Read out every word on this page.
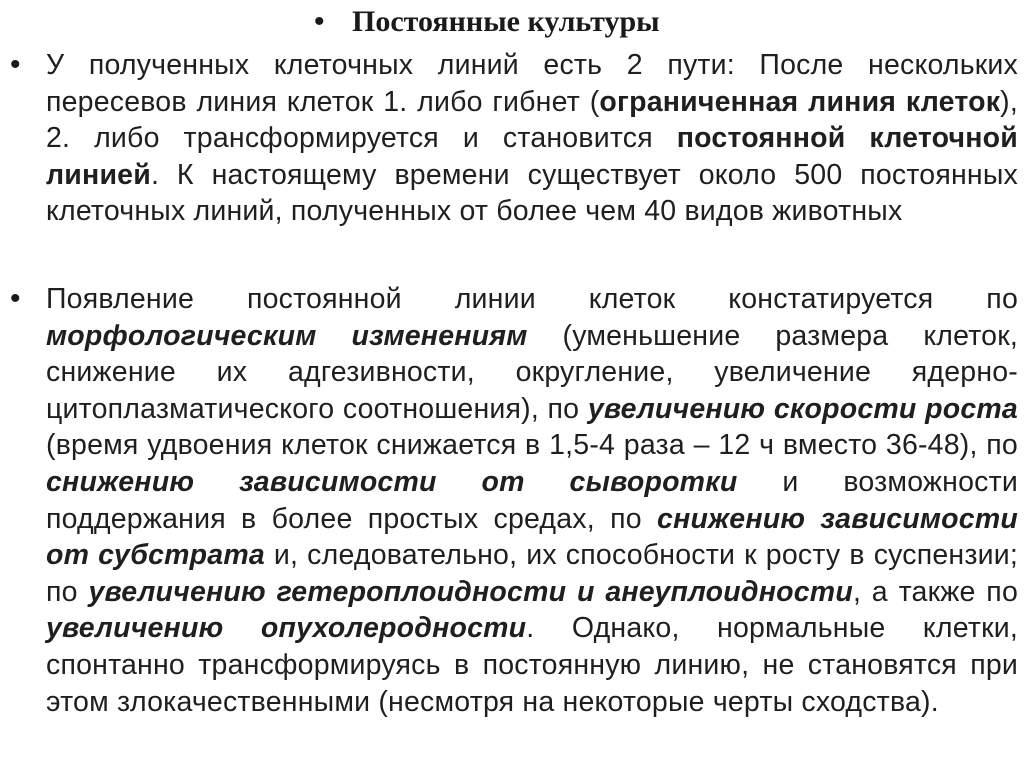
• Постоянные культуры
• У полученных клеточных линий есть 2 пути: После нескольких пересевов линия клеток 1. либо гибнет (ограниченная линия клеток), 2. либо трансформируется и становится постоянной клеточной линией. К настоящему времени существует около 500 постоянных клеточных линий, полученных от более чем 40 видов животных
• Появление постоянной линии клеток констатируется по морфологическим изменениям (уменьшение размера клеток, снижение их адгезивности, округление, увеличение ядерно-цитоплазматического соотношения), по увеличению скорости роста (время удвоения клеток снижается в 1,5-4 раза – 12 ч вместо 36-48), по снижению зависимости от сыворотки и возможности поддержания в более простых средах, по снижению зависимости от субстрата и, следовательно, их способности к росту в суспензии; по увеличению гетероплоидности и анеуплоидности, а также по увеличению опухолеродности. Однако, нормальные клетки, спонтанно трансформируясь в постоянную линию, не становятся при этом злокачественными (несмотря на некоторые черты сходства).
